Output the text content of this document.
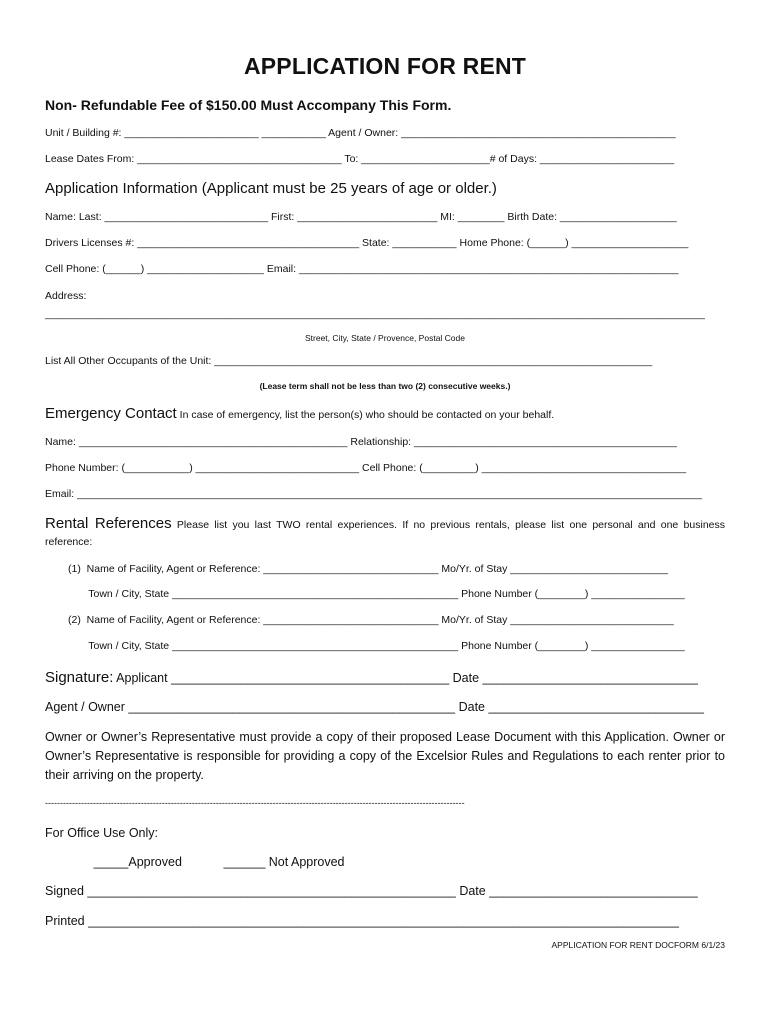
APPLICATION FOR RENT
Non- Refundable Fee of $150.00 Must Accompany This Form.
Unit / Building #: _______________________ ___________ Agent / Owner: _______________________________________________
Lease Dates From: ___________________________________ To: ______________________# of Days: _______________________
Application Information (Applicant must be 25 years of age or older.)
Name: Last: ____________________________ First: ________________________ MI: ________ Birth Date: ____________________
Drivers Licenses #: ______________________________________ State: ___________ Home Phone: (______) ____________________
Cell Phone: (______) ____________________ Email: _________________________________________________________________
Address:
_________________________________________________________________________________________________________________
Street, City, State / Provence, Postal Code
List All Other Occupants of the Unit: ___________________________________________________________________________
(Lease term shall not be less than two (2) consecutive weeks.)
Emergency Contact In case of emergency, list the person(s) who should be contacted on your behalf.
Name: ______________________________________________ Relationship: _____________________________________________
Phone Number: (___________) ____________________________ Cell Phone: (_________) ___________________________________
Email: ___________________________________________________________________________________________________________
Rental References Please list you last TWO rental experiences. If no previous rentals, please list one personal and one business reference:
(1)  Name of Facility, Agent or Reference: ______________________________ Mo/Yr. of Stay ___________________________
Town / City, State _________________________________________________ Phone Number (________) ________________
(2)  Name of Facility, Agent or Reference: ______________________________ Mo/Yr. of Stay ____________________________
Town / City, State _________________________________________________ Phone Number (________) ________________
Signature: Applicant ________________________________________ Date _______________________________
Agent / Owner _______________________________________________ Date _______________________________
Owner or Owner’s Representative must provide a copy of their proposed Lease Document with this Application. Owner or Owner’s Representative is responsible for providing a copy of the Excelsior Rules and Regulations to each renter prior to their arriving on the property.
--------------------------------------------------------------------------------------------------------------------------------------------
For Office Use Only:
_____Approved            ______ Not Approved
Signed _____________________________________________________ Date ______________________________
Printed _____________________________________________________________________________________
APPLICATION FOR RENT DOCFORM 6/1/23
